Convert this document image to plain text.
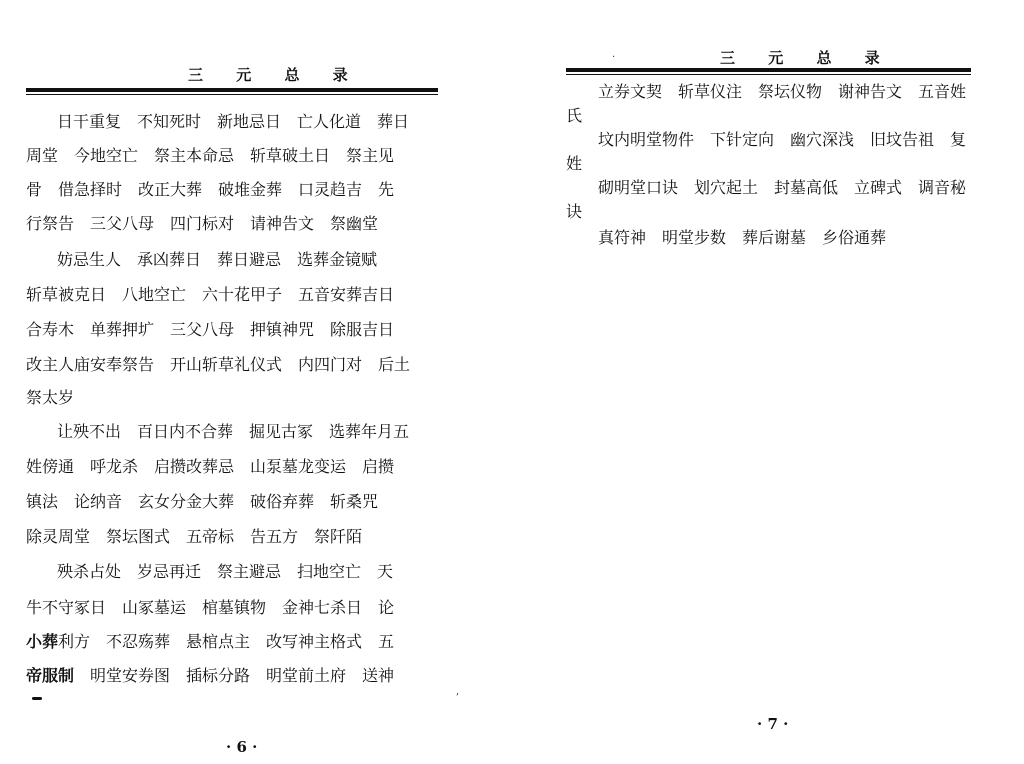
三 元 总 录
日干重复　不知死时　新地忌日　亡人化道　葬日
周堂　今地空亡　祭主本命忌　斩草破土日　祭主见
骨　借急择时　改正大葬　破堆金葬　口灵趋吉　先
行祭告　三父八母　四门标对　请神告文　祭幽堂
妨忌生人　承凶葬日　葬日避忌　选葬金镜赋
斩草被克日　八地空亡　六十花甲子　五音安葬吉日
合寿木　单葬押圹　三父八母　押镇神咒　除服吉日
改主人庙安奉祭告　开山斩草礼仪式　内四门对　后土
祭太岁
让殃不出　百日内不合葬　掘见古冢　选葬年月五
姓傍通　呼龙杀　启攒改葬忌　山泵墓龙变运　启攒
镇法　论纳音　玄女分金大葬　破俗弃葬　斩桑咒
除灵周堂　祭坛图式　五帝标　告五方　祭阡陌
殃杀占处　岁忌再迁　祭主避忌　扫地空亡　天
牛不守冢日　山冢墓运　棺墓镇物　金神七杀日　论
小葬利方　不忍殇葬　悬棺点主　改写神主格式　五
帝服制　明堂安券图　插标分路　明堂前土府　送神
· 6 ·
·	三 元 总 录
立券文契　斩草仪注　祭坛仪物　谢神告文　五音姓
氏
坟内明堂物件　下针定向　幽穴深浅　旧坟告祖　复
姓
砌明堂口诀　划穴起土　封墓高低　立碑式　调音秘
诀
真符神　明堂步数　葬后谢墓　乡俗通葬
,
· 7 ·
